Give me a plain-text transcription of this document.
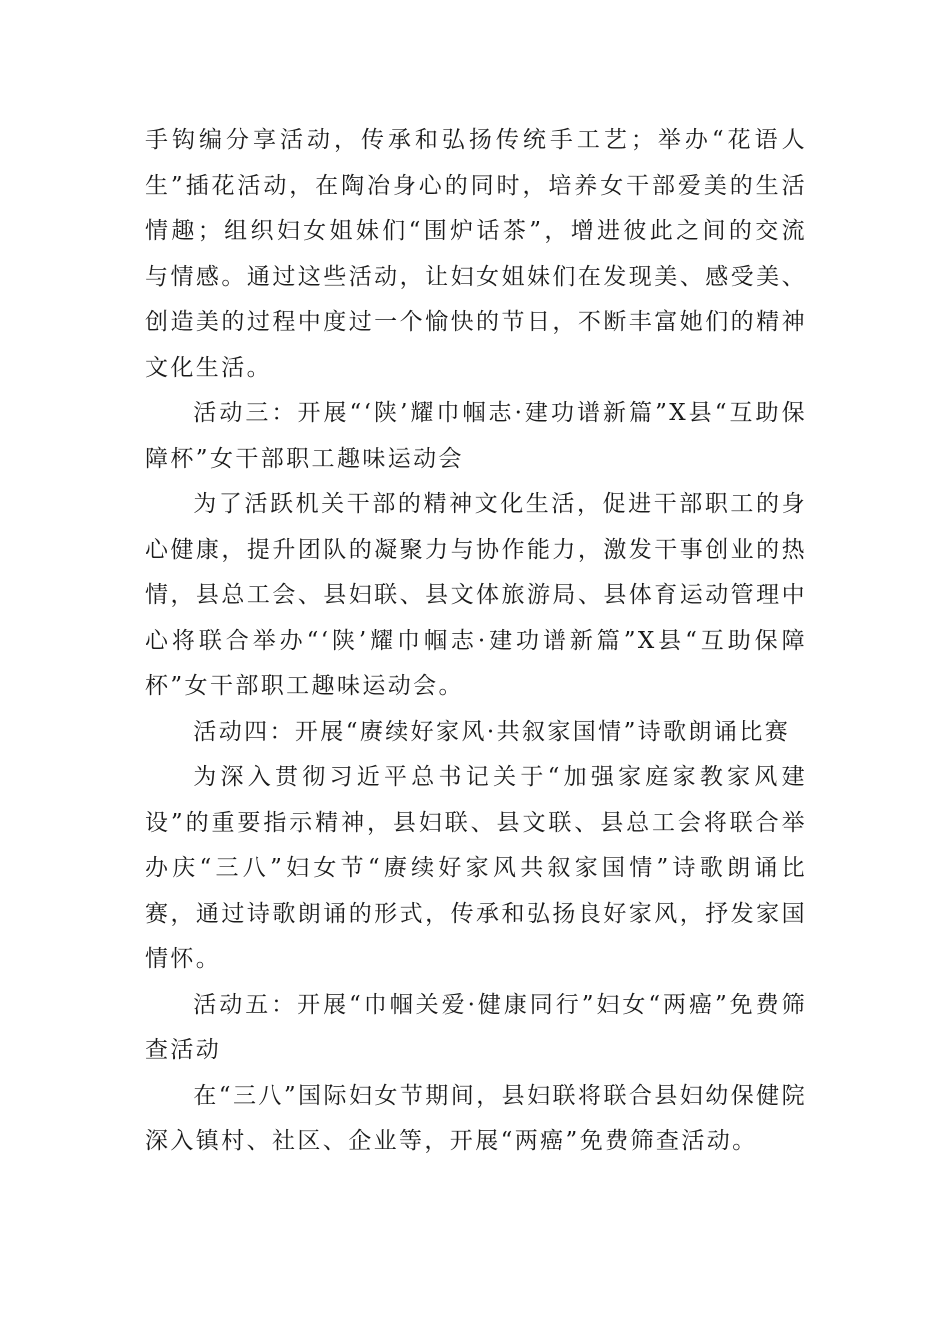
手钩编分享活动，传承和弘扬传统手工艺；举办“花语人生”插花活动，在陶冶身心的同时，培养女干部爱美的生活情趣；组织妇女姐妹们“围炉话茶”，增进彼此之间的交流与情感。通过这些活动，让妇女姐妹们在发现美、感受美、创造美的过程中度过一个愉快的节日，不断丰富她们的精神文化生活。

活动三：开展“‘陕’耀巾帼志·建功谱新篇”X县“互助保障杯”女干部职工趣味运动会

为了活跃机关干部的精神文化生活，促进干部职工的身心健康，提升团队的凝聚力与协作能力，激发干事创业的热情，县总工会、县妇联、县文体旅游局、县体育运动管理中心将联合举办“‘陕’耀巾帼志·建功谱新篇”X县“互助保障杯”女干部职工趣味运动会。

活动四：开展“赓续好家风·共叙家国情”诗歌朗诵比赛

为深入贯彻习近平总书记关于“加强家庭家教家风建设”的重要指示精神，县妇联、县文联、县总工会将联合举办庆“三八”妇女节“赓续好家风共叙家国情”诗歌朗诵比赛，通过诗歌朗诵的形式，传承和弘扬良好家风，抒发家国情怀。

活动五：开展“巾帼关爱·健康同行”妇女“两癌”免费筛查活动

在“三八”国际妇女节期间，县妇联将联合县妇幼保健院深入镇村、社区、企业等，开展“两癌”免费筛查活动。
